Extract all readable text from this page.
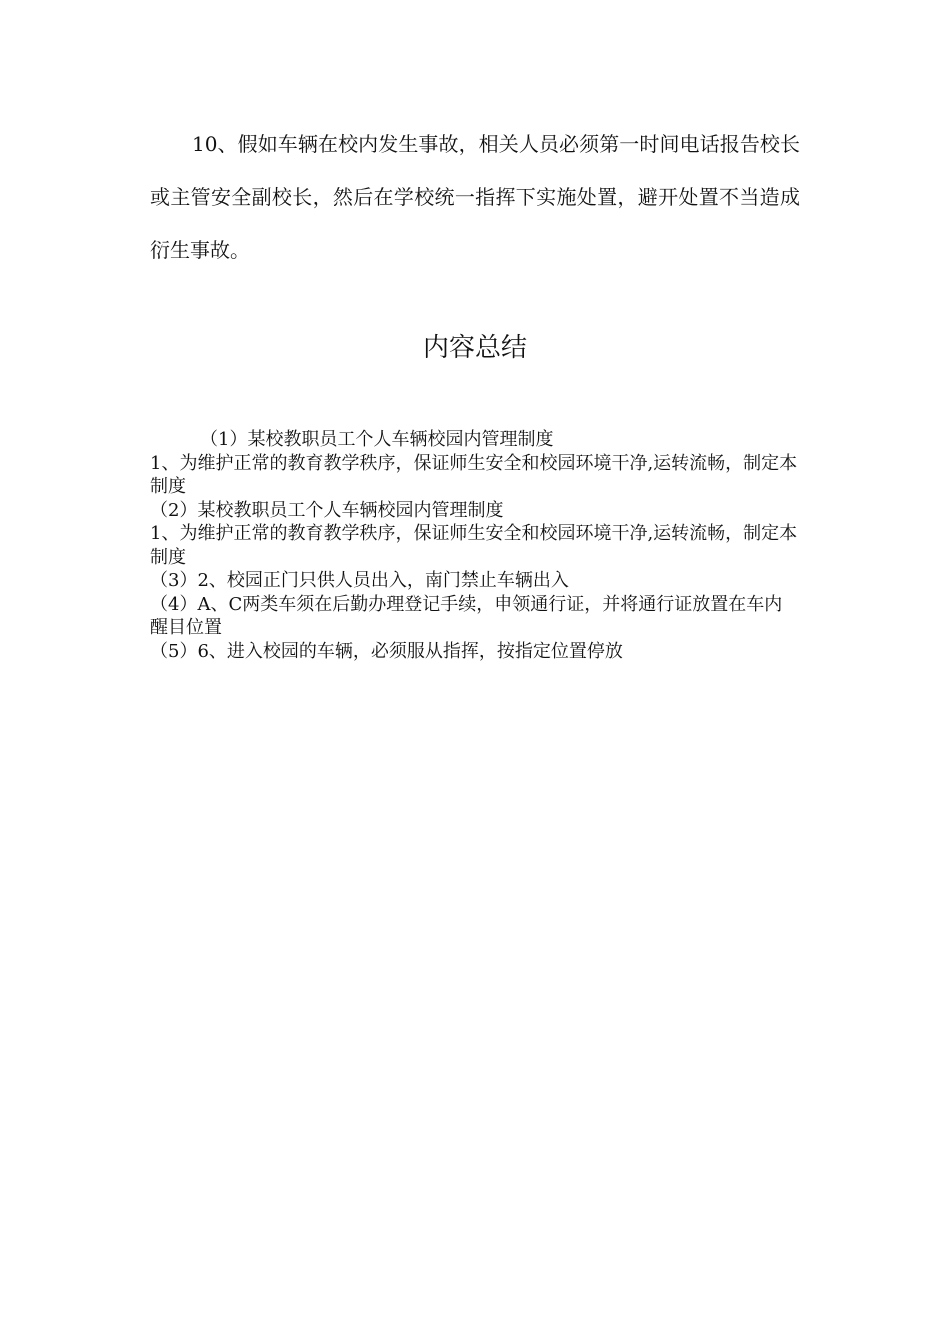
10、假如车辆在校内发生事故，相关人员必须第一时间电话报告校长或主管安全副校长，然后在学校统一指挥下实施处置，避开处置不当造成衍生事故。

内容总结

（1）某校教职员工个人车辆校园内管理制度

1、为维护正常的教育教学秩序，保证师生安全和校园环境干净,运转流畅，制定本制度

（2）某校教职员工个人车辆校园内管理制度

1、为维护正常的教育教学秩序，保证师生安全和校园环境干净,运转流畅，制定本制度

（3）2、校园正门只供人员出入，南门禁止车辆出入

（4）A、C两类车须在后勤办理登记手续，申领通行证，并将通行证放置在车内醒目位置

（5）6、进入校园的车辆，必须服从指挥，按指定位置停放
